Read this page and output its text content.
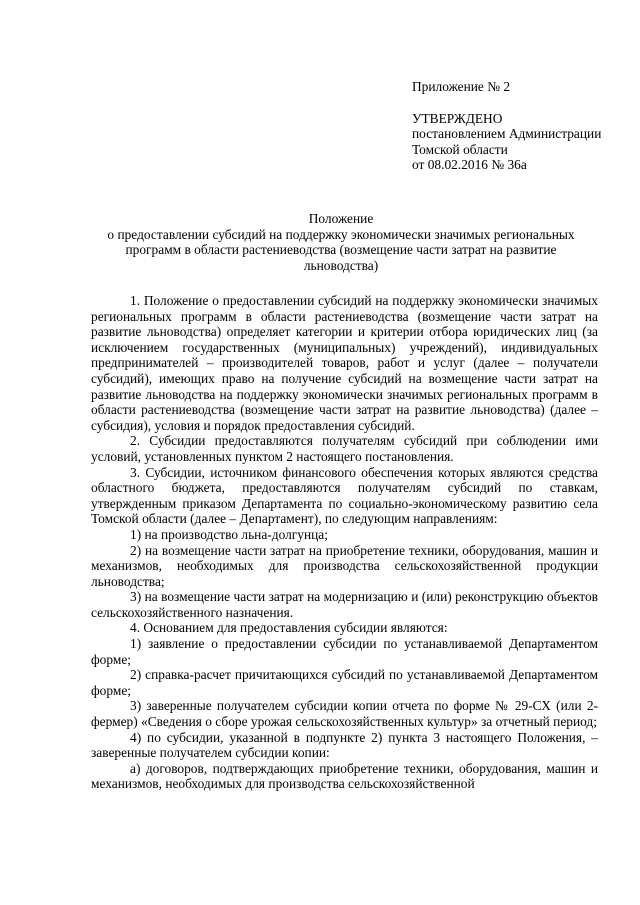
Приложение № 2
УТВЕРЖДЕНО
постановлением Администрации
Томской области
от 08.02.2016 № 36а
Положение
о предоставлении субсидий на поддержку экономически значимых региональных программ в области растениеводства (возмещение части затрат на развитие льноводства)

1. Положение о предоставлении субсидий на поддержку экономически значимых региональных программ в области растениеводства (возмещение части затрат на развитие льноводства) определяет категории и критерии отбора юридических лиц (за исключением государственных (муниципальных) учреждений), индивидуальных предпринимателей – производителей товаров, работ и услуг (далее – получатели субсидий), имеющих право на получение субсидий на возмещение части затрат на развитие льноводства на поддержку экономически значимых региональных программ в области растениеводства (возмещение части затрат на развитие льноводства) (далее – субсидия), условия и порядок предоставления субсидий.

2. Субсидии предоставляются получателям субсидий при соблюдении ими условий, установленных пунктом 2 настоящего постановления.

3. Субсидии, источником финансового обеспечения которых являются средства областного бюджета, предоставляются получателям субсидий по ставкам, утвержденным приказом Департамента по социально-экономическому развитию села Томской области (далее – Департамент), по следующим направлениям:

1) на производство льна-долгунца;

2) на возмещение части затрат на приобретение техники, оборудования, машин и механизмов, необходимых для производства сельскохозяйственной продукции льноводства;

3) на возмещение части затрат на модернизацию и (или) реконструкцию объектов сельскохозяйственного назначения.

4. Основанием для предоставления субсидии являются:

1) заявление о предоставлении субсидии по устанавливаемой Департаментом форме;

2) справка-расчет причитающихся субсидий по устанавливаемой Департаментом форме;

3) заверенные получателем субсидии копии отчета по форме № 29-СХ (или 2-фермер) «Сведения о сборе урожая сельскохозяйственных культур» за отчетный период;

4) по субсидии, указанной в подпункте 2) пункта 3 настоящего Положения, – заверенные получателем субсидии копии:

а) договоров, подтверждающих приобретение техники, оборудования, машин и механизмов, необходимых для производства сельскохозяйственной
